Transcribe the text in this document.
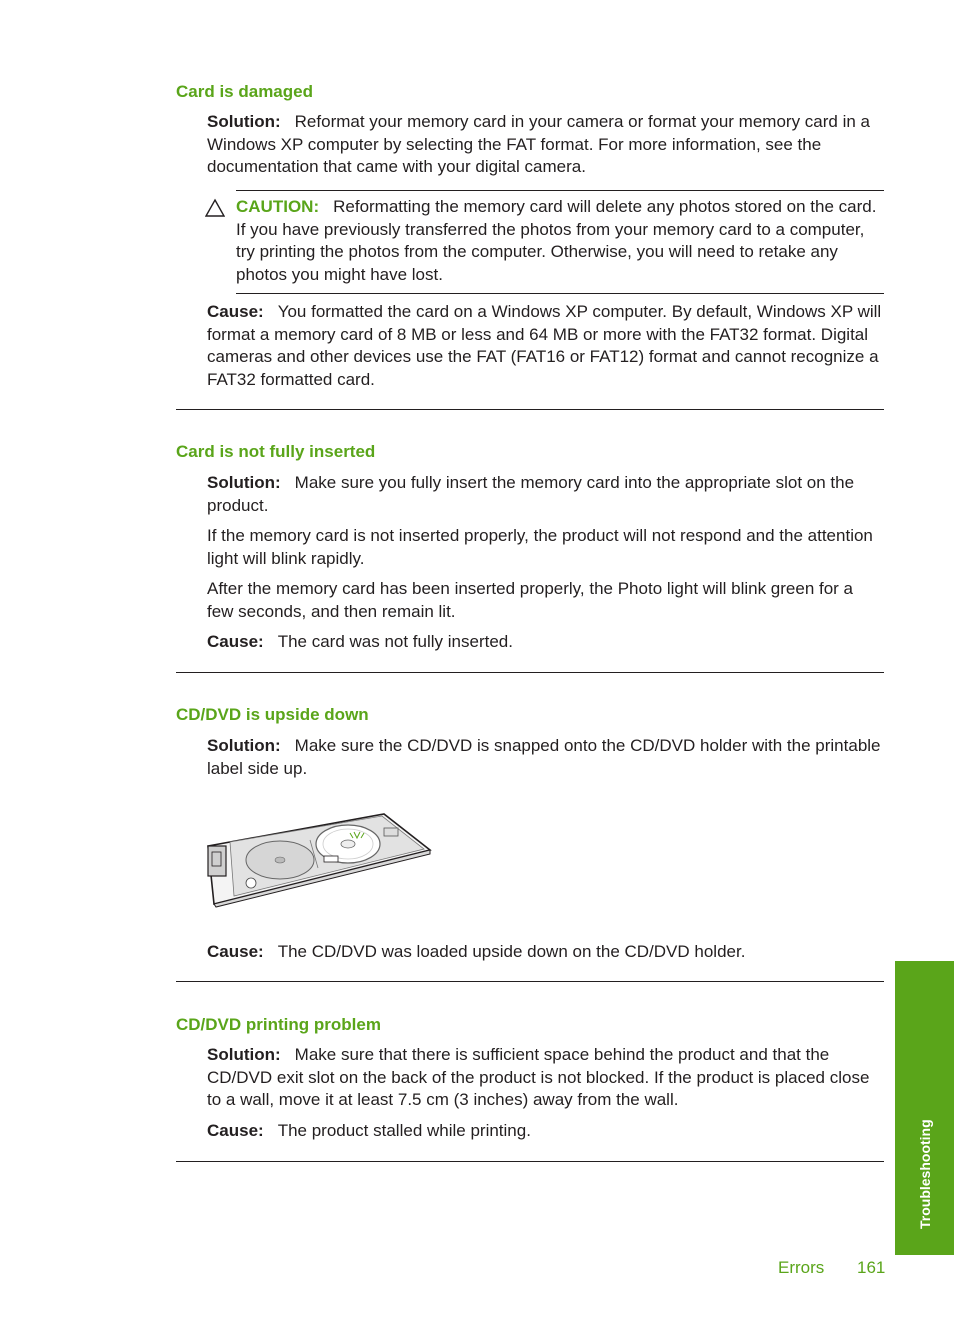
Card is damaged

Solution: Reformat your memory card in your camera or format your memory card in a Windows XP computer by selecting the FAT format. For more information, see the documentation that came with your digital camera.

CAUTION: Reformatting the memory card will delete any photos stored on the card. If you have previously transferred the photos from your memory card to a computer, try printing the photos from the computer. Otherwise, you will need to retake any photos you might have lost.

Cause: You formatted the card on a Windows XP computer. By default, Windows XP will format a memory card of 8 MB or less and 64 MB or more with the FAT32 format. Digital cameras and other devices use the FAT (FAT16 or FAT12) format and cannot recognize a FAT32 formatted card.

Card is not fully inserted

Solution: Make sure you fully insert the memory card into the appropriate slot on the product.

If the memory card is not inserted properly, the product will not respond and the attention light will blink rapidly.

After the memory card has been inserted properly, the Photo light will blink green for a few seconds, and then remain lit.

Cause: The card was not fully inserted.

CD/DVD is upside down

Solution: Make sure the CD/DVD is snapped onto the CD/DVD holder with the printable label side up.

Cause: The CD/DVD was loaded upside down on the CD/DVD holder.

CD/DVD printing problem

Solution: Make sure that there is sufficient space behind the product and that the CD/DVD exit slot on the back of the product is not blocked. If the product is placed close to a wall, move it at least 7.5 cm (3 inches) away from the wall.

Cause: The product stalled while printing.	Troubleshooting
Errors 161
